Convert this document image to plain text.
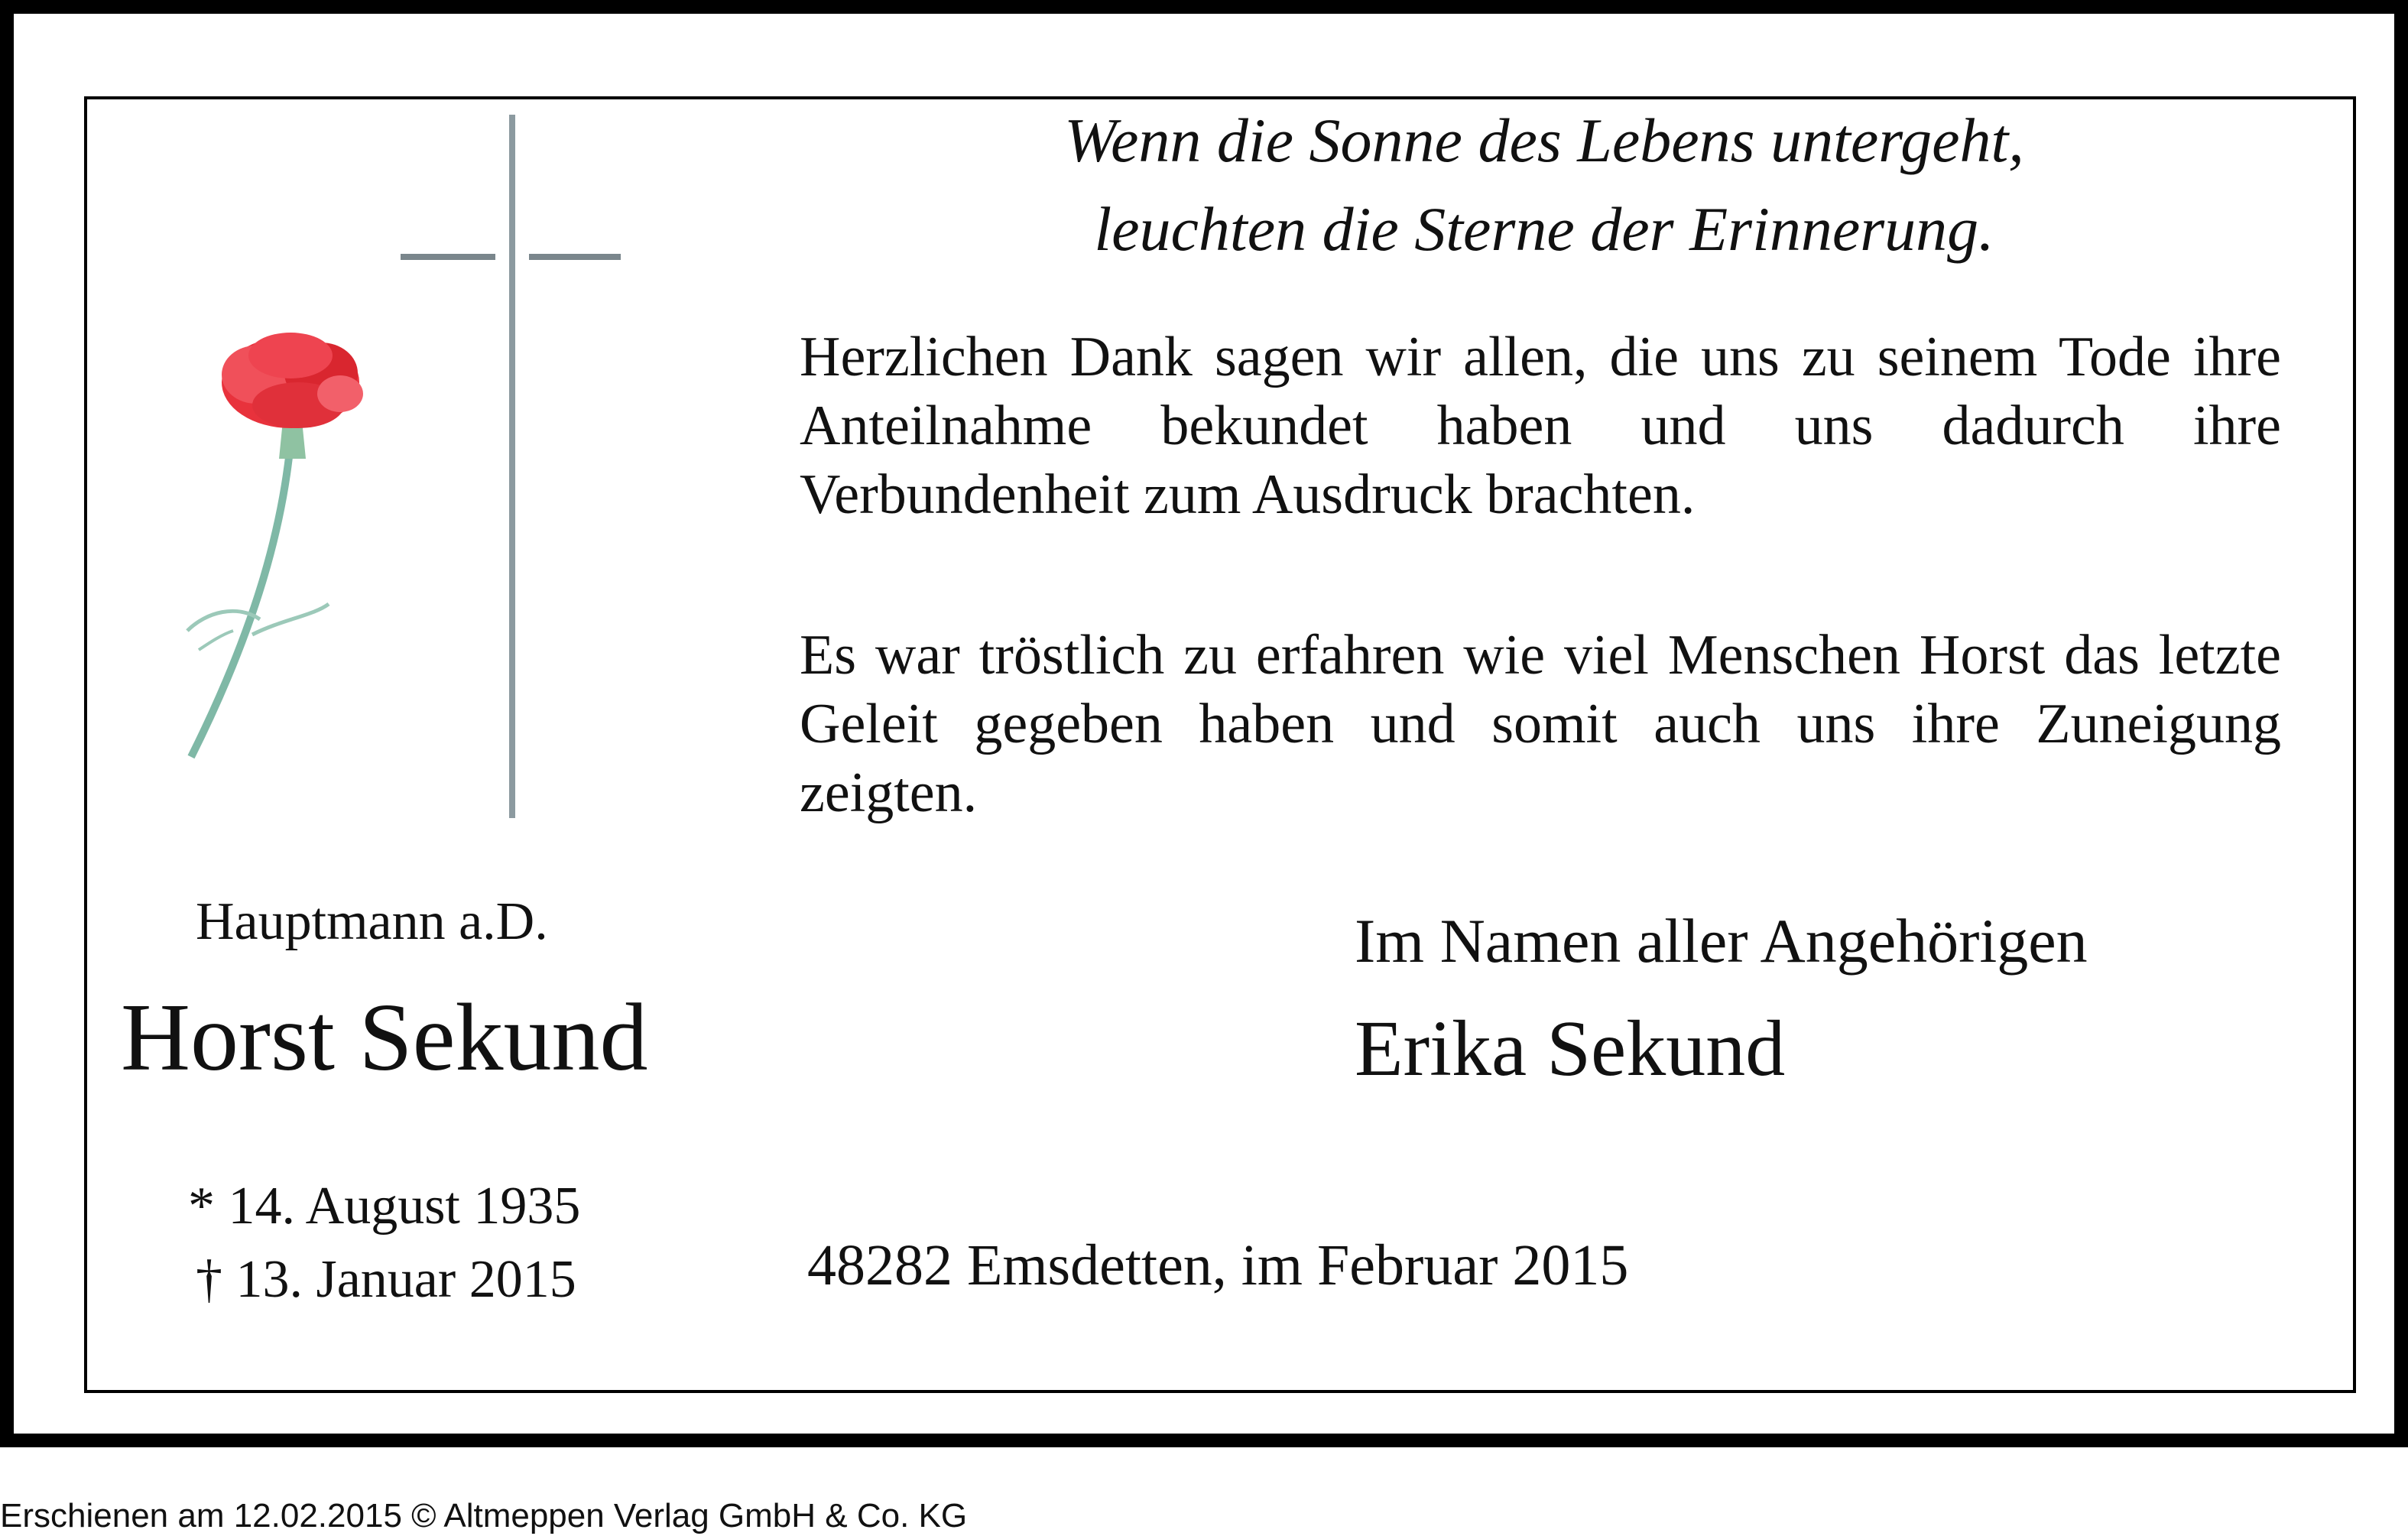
Wenn die Sonne des Lebens untergeht,
leuchten die Sterne der Erinnerung.
Herzlichen Dank sagen wir allen, die uns zu seinem Tode ihre Anteilnahme bekundet haben und uns dadurch ihre Verbundenheit zum Ausdruck brachten.
Es war tröstlich zu erfahren wie viel Menschen Horst das letzte Geleit gegeben haben und somit auch uns ihre Zuneigung zeigten.
Hauptmann a.D.
Horst Sekund
* 14. August 1935
† 13. Januar 2015
Im Namen aller Angehörigen
Erika Sekund
48282 Emsdetten, im Februar 2015
Erschienen am 12.02.2015 © Altmeppen Verlag GmbH & Co. KG
